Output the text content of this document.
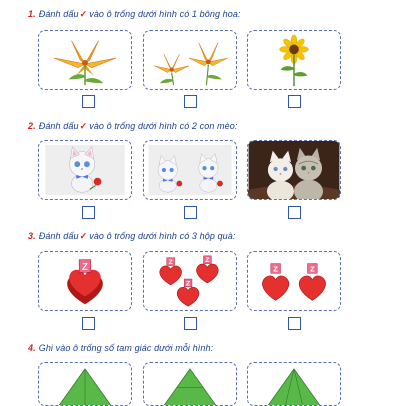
1. Đánh dấu✓ vào ô trống dưới hình có 1 bông hoa:
2. Đánh dấu✓ vào ô trống dưới hình có 2 con mèo:
3. Đánh dấu✓ vào ô trống dưới hình có 3 hộp quà:
Z	Z	Z
Z
Z	Z
4. Ghi vào ô trống số tam giác dưới mỗi hình:
